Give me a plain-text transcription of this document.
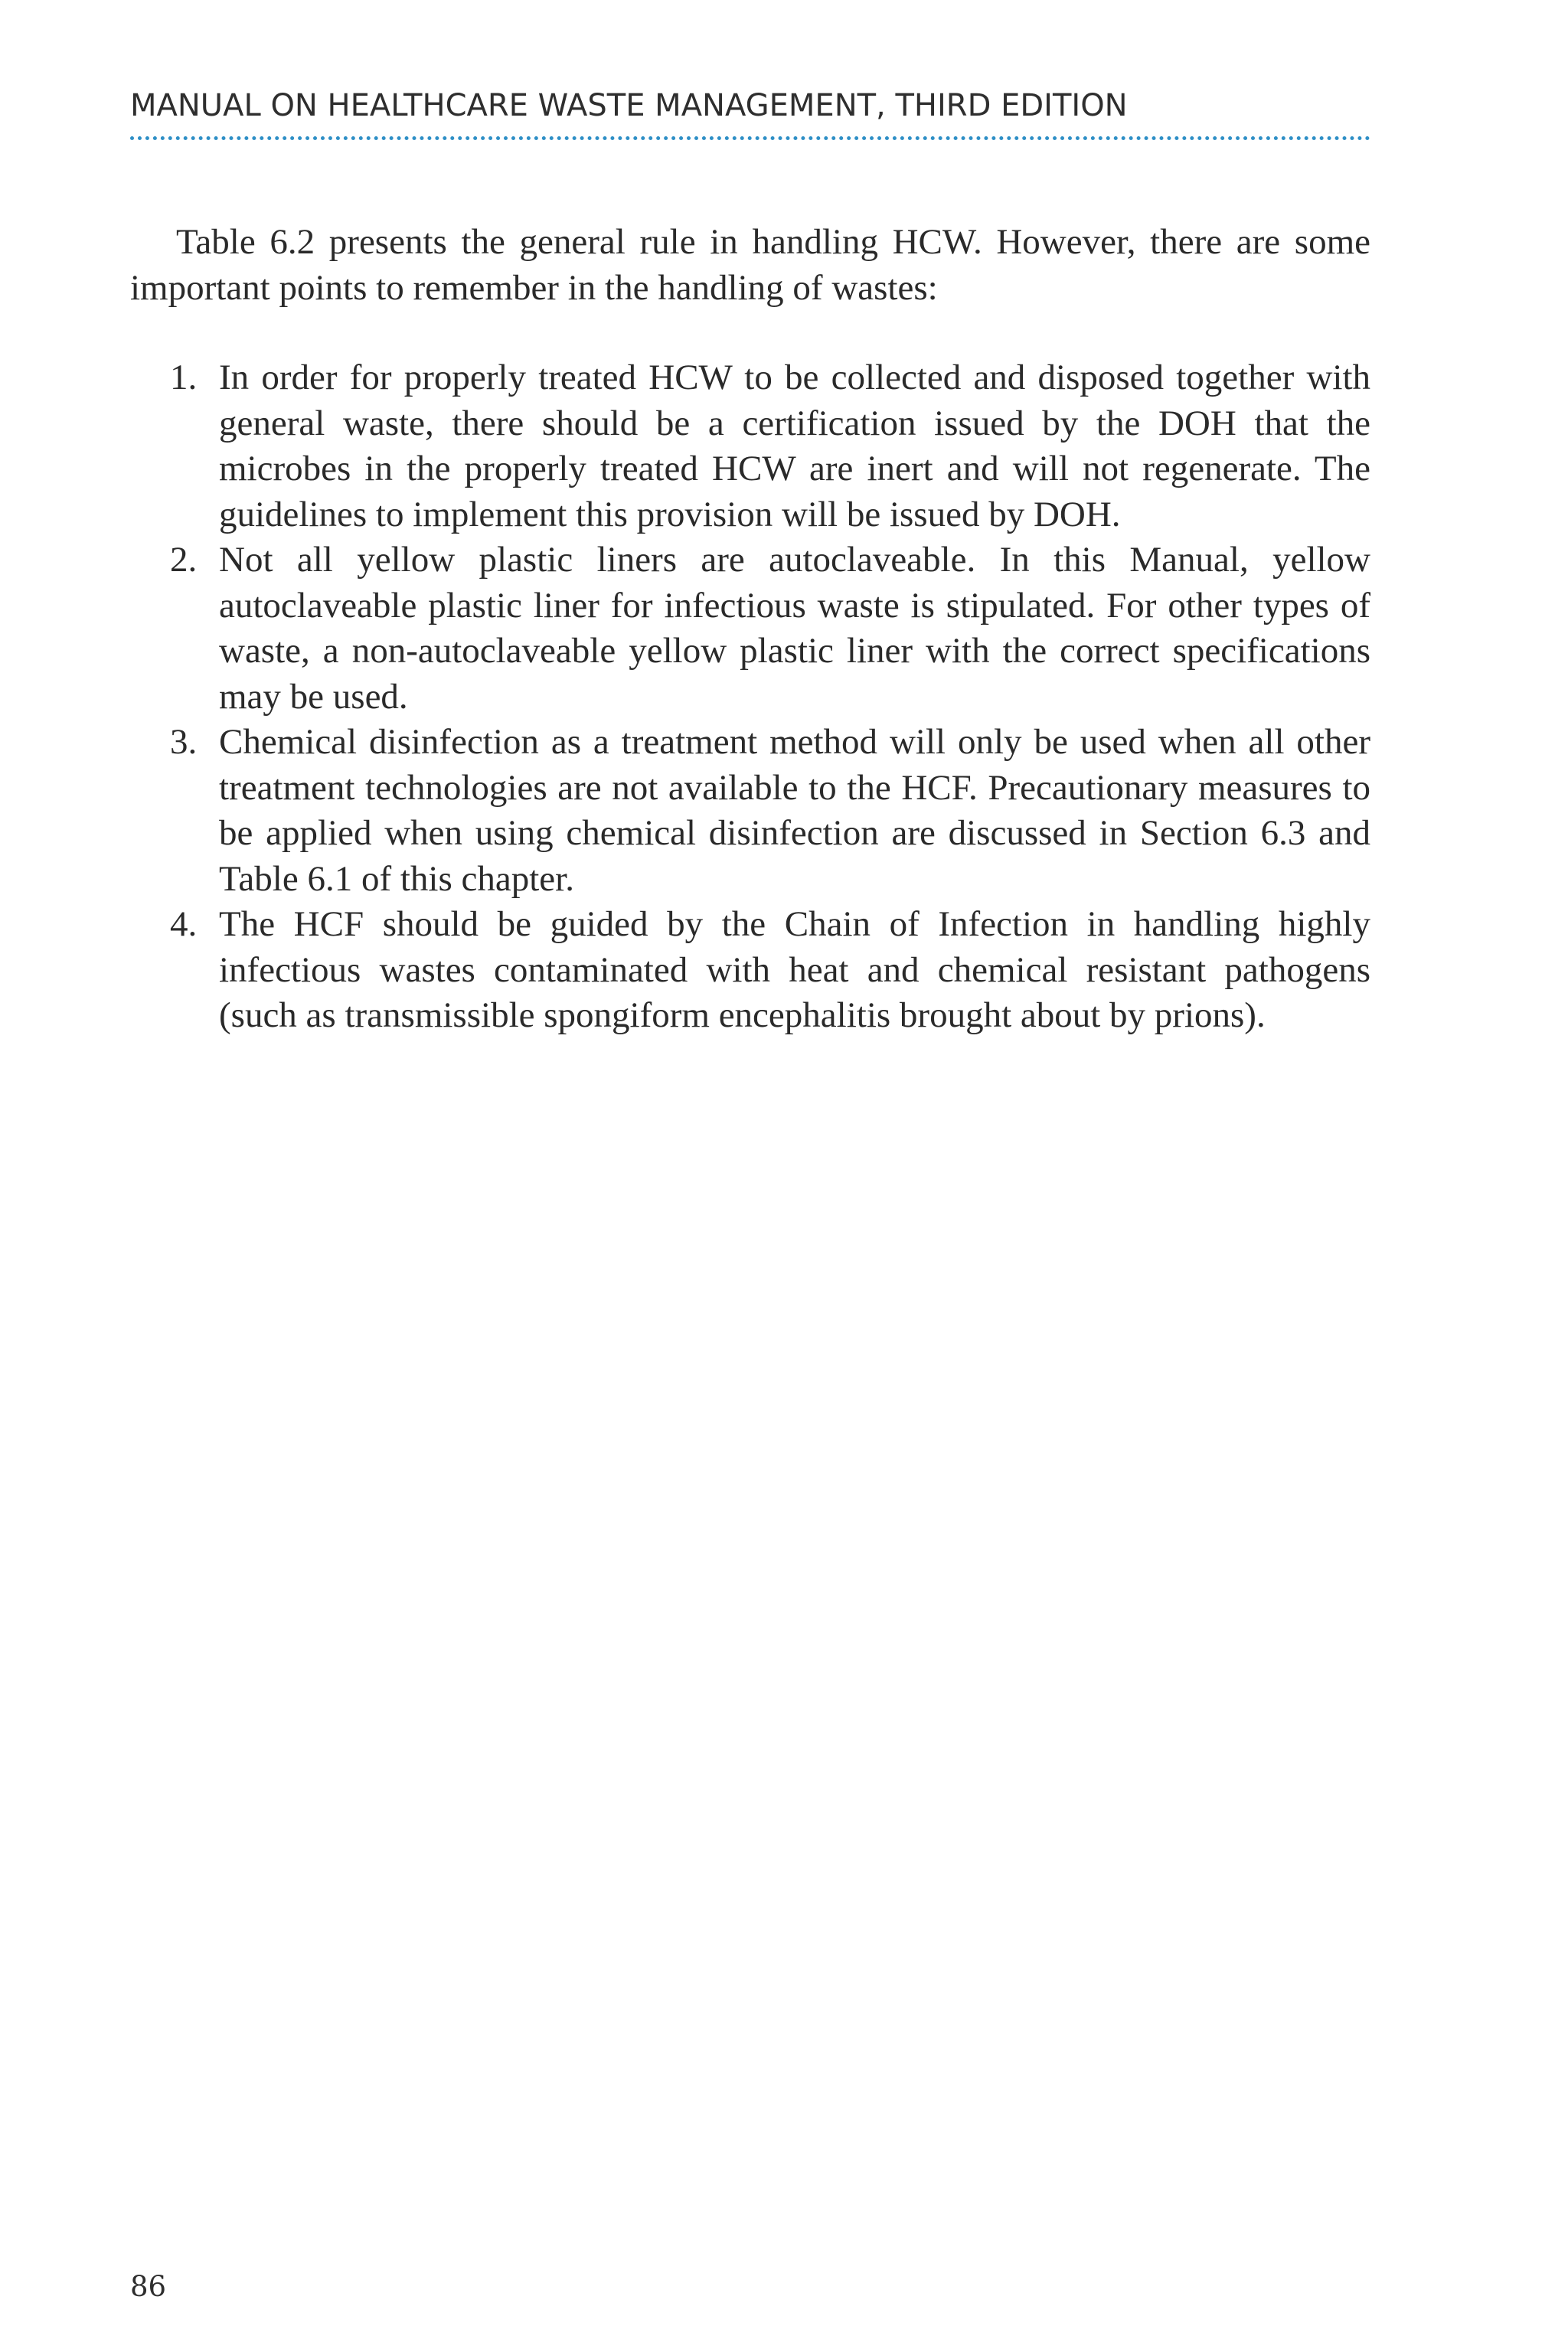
MANUAL ON HEALTHCARE WASTE MANAGEMENT, THIRD EDITION

Table 6.2 presents the general rule in handling HCW. However, there are some important points to remember in the handling of wastes:

1. In order for properly treated HCW to be collected and disposed together with general waste, there should be a certification issued by the DOH that the microbes in the properly treated HCW are inert and will not regenerate. The guidelines to implement this provision will be issued by DOH.
2. Not all yellow plastic liners are autoclaveable. In this Manual, yellow autoclaveable plastic liner for infectious waste is stipulated. For other types of waste, a non-autoclaveable yellow plastic liner with the correct specifications may be used.
3. Chemical disinfection as a treatment method will only be used when all other treatment technologies are not available to the HCF. Precautionary measures to be applied when using chemical disinfection are discussed in Section 6.3 and Table 6.1 of this chapter.
4. The HCF should be guided by the Chain of Infection in handling highly infectious wastes contaminated with heat and chemical resistant pathogens (such as transmissible spongiform encephalitis brought about by prions).
86
